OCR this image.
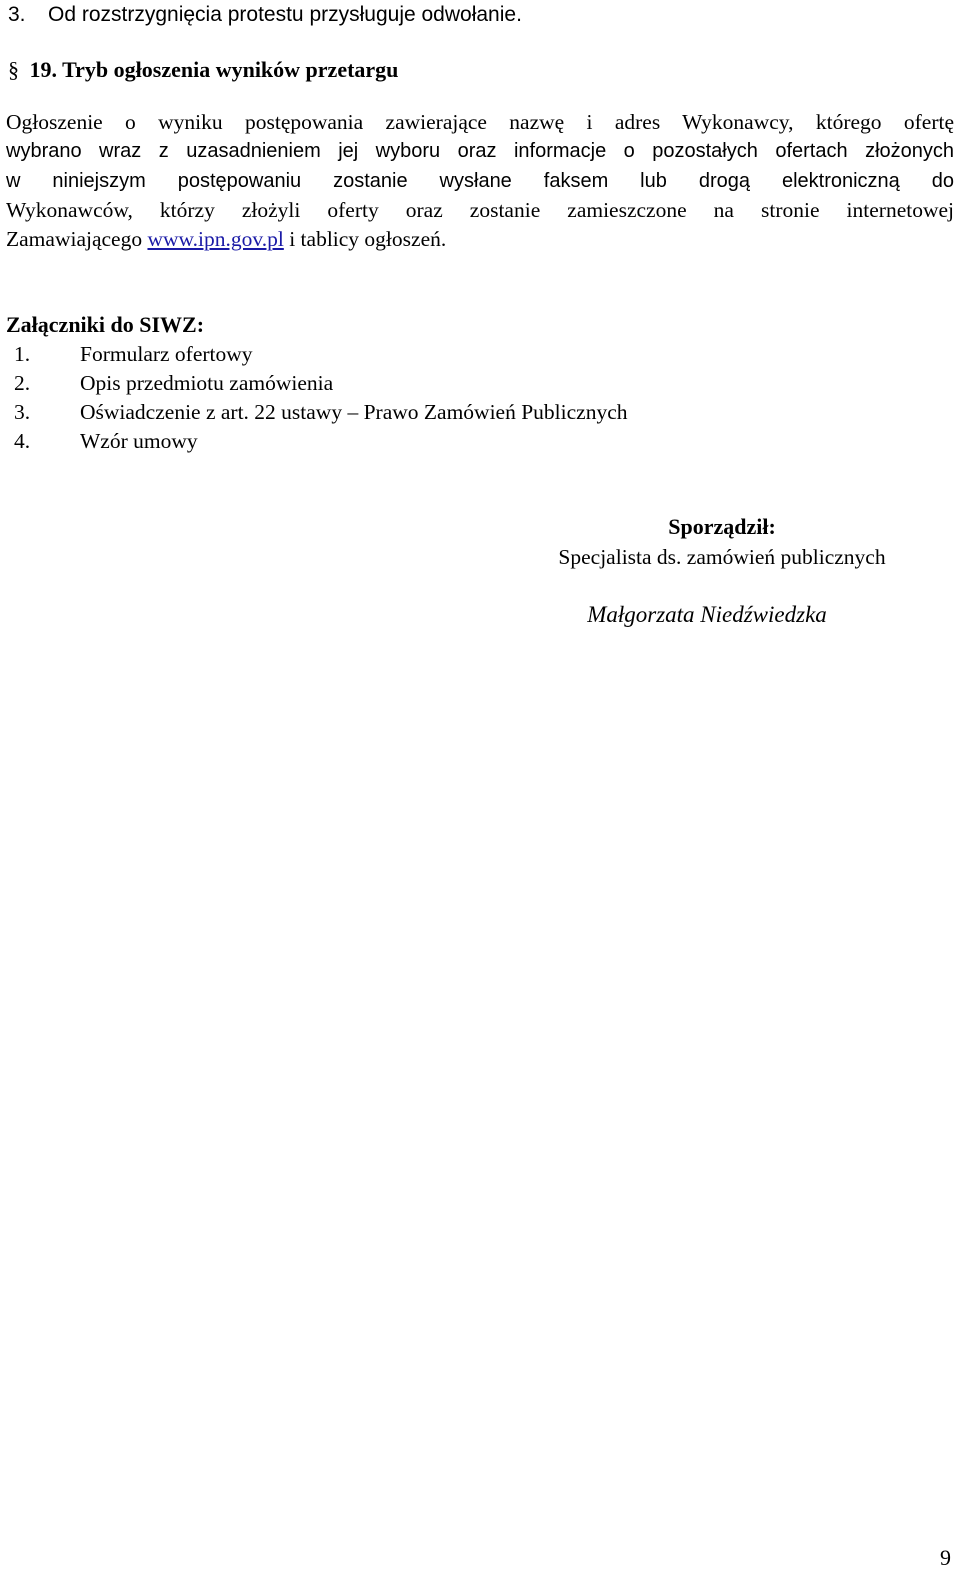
3. Od rozstrzygnięcia protestu przysługuje odwołanie.
§ 19. Tryb ogłoszenia wyników przetargu
Ogłoszenie o wyniku postępowania zawierające nazwę i adres Wykonawcy, którego ofertę
wybrano wraz z uzasadnieniem jej wyboru oraz informacje o pozostałych ofertach złożonych
w niniejszym postępowaniu zostanie wysłane faksem lub drogą elektroniczną do
Wykonawców, którzy złożyli oferty oraz zostanie zamieszczone na stronie internetowej
Zamawiającego www.ipn.gov.pl i tablicy ogłoszeń.
Załączniki do SIWZ:
1. Formularz ofertowy
2. Opis przedmiotu zamówienia
3. Oświadczenie z art. 22 ustawy – Prawo Zamówień Publicznych
4. Wzór umowy
Sporządził:
Specjalista ds. zamówień publicznych
Małgorzata Niedźwiedzka
9
